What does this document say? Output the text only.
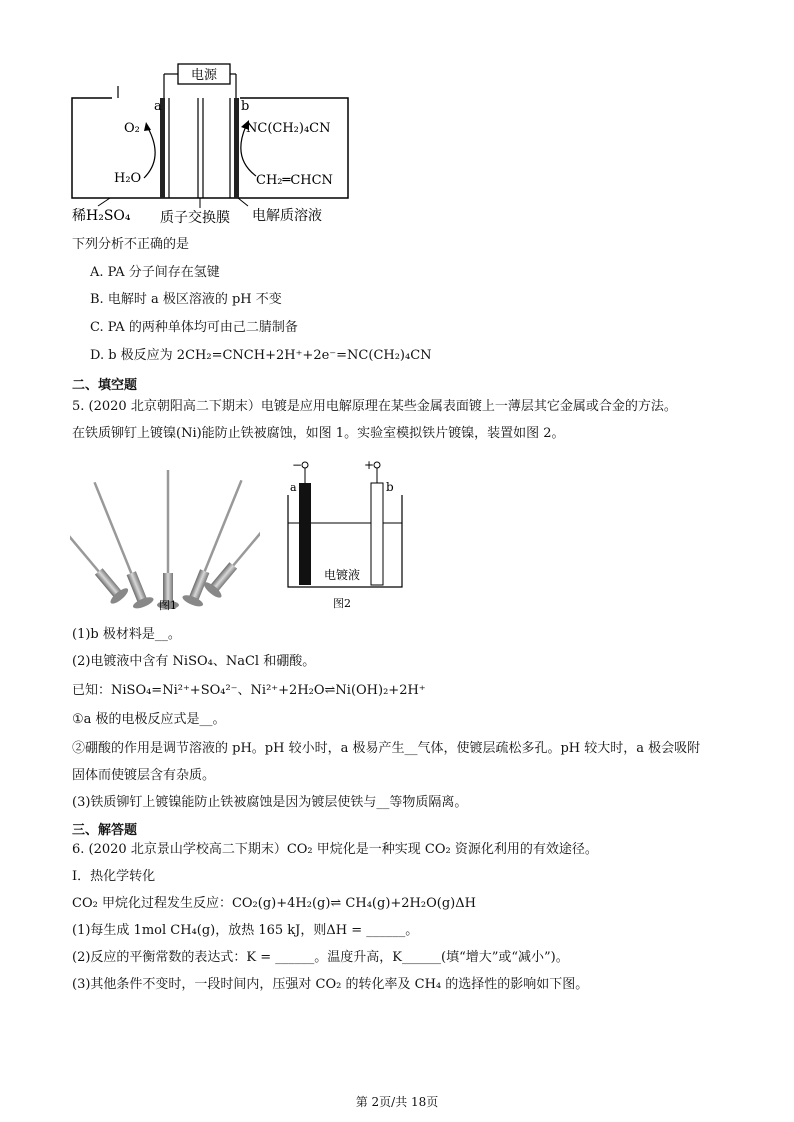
电源
a	b
O₂
H₂O
NC(CH₂)₄CN
CH₂═CHCN
稀H₂SO₄ 质子交换膜 电解质溶液
下列分析不正确的是
A. PA 分子间存在氢键
B. 电解时 a 极区溶液的 pH 不变
C. PA 的两种单体均可由己二腈制备
D. b 极反应为 2CH₂=CNCH+2H⁺+2e⁻=NC(CH₂)₄CN
二、填空题
5. (2020 北京朝阳高二下期末）电镀是应用电解原理在某些金属表面镀上一薄层其它金属或合金的方法。
在铁质铆钉上镀镍(Ni)能防止铁被腐蚀，如图 1。实验室模拟铁片镀镍，装置如图 2。
图1
−	+
a	b
电镀液
图2
(1)b 极材料是__。
(2)电镀液中含有 NiSO₄、NaCl 和硼酸。
已知：NiSO₄=Ni²⁺+SO₄²⁻、Ni²⁺+2H₂O⇌Ni(OH)₂+2H⁺
①a 极的电极反应式是__。
②硼酸的作用是调节溶液的 pH。pH 较小时，a 极易产生__气体，使镀层疏松多孔。pH 较大时，a 极会吸附
固体而使镀层含有杂质。
(3)铁质铆钉上镀镍能防止铁被腐蚀是因为镀层使铁与__等物质隔离。
三、解答题
6. (2020 北京景山学校高二下期末）CO₂ 甲烷化是一种实现 CO₂ 资源化利用的有效途径。
Ⅰ．热化学转化
CO₂ 甲烷化过程发生反应：CO₂(g)+4H₂(g)⇌ CH₄(g)+2H₂O(g)ΔH
(1)每生成 1mol CH₄(g)，放热 165 kJ，则ΔH = ______。
(2)反应的平衡常数的表达式：K = ______。温度升高，K______(填“增大”或“减小”)。
(3)其他条件不变时，一段时间内，压强对 CO₂ 的转化率及 CH₄ 的选择性的影响如下图。
第 2页/共 18页
